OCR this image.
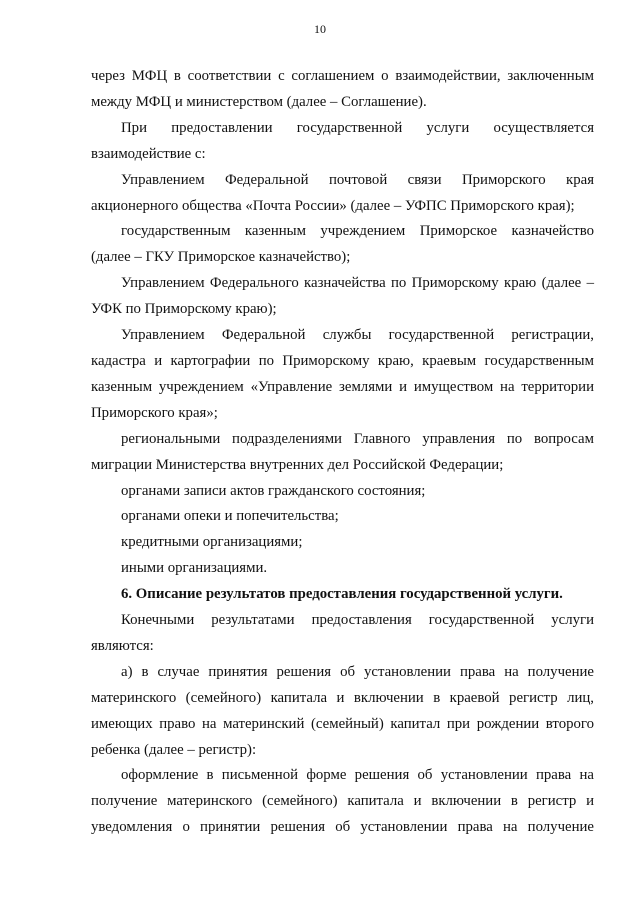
10

через МФЦ в соответствии с соглашением о взаимодействии, заключенным между МФЦ и министерством (далее – Соглашение).

При предоставлении государственной услуги осуществляется взаимодействие с:

Управлением Федеральной почтовой связи Приморского края акционерного общества «Почта России» (далее – УФПС Приморского края);

государственным казенным учреждением Приморское казначейство (далее – ГКУ Приморское казначейство);

Управлением Федерального казначейства по Приморскому краю (далее – УФК по Приморскому краю);

Управлением Федеральной службы государственной регистрации, кадастра и картографии по Приморскому краю, краевым государственным казенным учреждением «Управление землями и имуществом на территории Приморского края»;

региональными подразделениями Главного управления по вопросам миграции Министерства внутренних дел Российской Федерации;

органами записи актов гражданского состояния;

органами опеки и попечительства;

кредитными организациями;

иными организациями.

6. Описание результатов предоставления государственной услуги.

Конечными результатами предоставления государственной услуги являются:

а) в случае принятия решения об установлении права на получение материнского (семейного) капитала и включении в краевой регистр лиц, имеющих право на материнский (семейный) капитал при рождении второго ребенка (далее – регистр):

оформление в письменной форме решения об установлении права на получение материнского (семейного) капитала и включении в регистр и уведомления о принятии решения об установлении права на получение
